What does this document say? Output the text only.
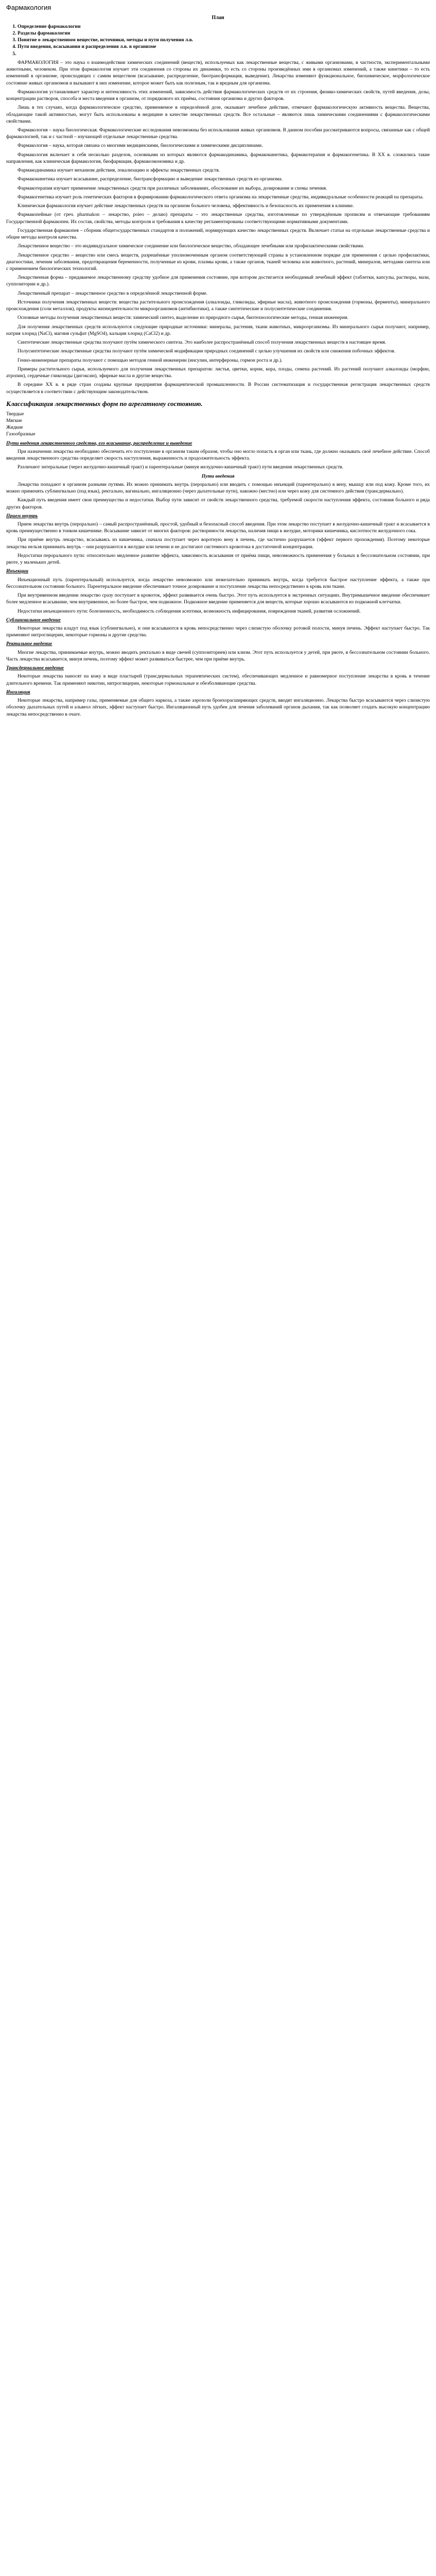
Фармакология
План
1. Определение фармакологии
2. Разделы фармакологии
3. Понятие о лекарственном веществе, источники, методы и пути получения л.в.
4. Пути введения, всасывания и распределения л.в. в организме
5.

ФАРМАКОЛОГИЯ – это наука о взаимодействии химических соединений (веществ), используемых как лекарственные вещества, с живыми организмами, в частности, экспериментальными животными, человеком. При этом фармакология изучает эти соединения со стороны их динамики, то есть со стороны произведённых ими в организмах изменений, а также кинетики – то есть изменений в организме, происходящих с самим веществом (всасывание, распределение, биотрансформация, выведение). Лекарства изменяют функциональное, биохимическое, морфологическое состояние живых организмов и вызывают в них изменение, которое может быть как полезным, так и вредным для организма.

Фармакология устанавливает характер и интенсивность этих изменений, зависимость действия фармакологических средств от их строения, физико-химических свойств, путей введения, дозы, концентрации растворов, способа и места введения в организм, от порядкового их приёма, состояния организма и других факторов.

Лишь в тех случаях, когда фармакологическое средство, применяемое в определённой дозе, оказывает лечебное действие, отмечают фармакологическую активность вещества. Вещества, обладающие такой активностью, могут быть использованы в медицине в качестве лекарственных средств. Все остальные – являются лишь химическими соединениями с фармакологическими свойствами.

Фармакология – наука биологическая. Фармакологические исследования невозможны без использования живых организмов. В данном пособии рассматриваются вопросы, связанные как с общей фармакологией, так и с частной – изучающей отдельные лекарственные средства.

Фармакология – наука, которая связана со многими медицинскими, биологическими и химическими дисциплинами.

Фармакология включает в себя несколько разделов, основными из которых являются фармакодинамика, фармакокинетика, фармакотерапия и фармакогенетика. В XX в. сложились такие направления, как клиническая фармакология, биофармация, фармакоэкономика и др.

Фармакодинамика изучает механизм действия, локализацию и эффекты лекарственных средств.

Фармакокинетика изучает всасывание, распределение, биотрансформацию и выведение лекарственных средств из организма.

Фармакотерапия изучает применение лекарственных средств при различных заболеваниях, обоснование их выбора, дозирование и схемы лечения.

Фармакогенетика изучает роль генетических факторов в формировании фармакологического ответа организма на лекарственные средства, индивидуальные особенности реакций на препараты.

Клиническая фармакология изучает действие лекарственных средств на организм больного человека, эффективность и безопасность их применения в клинике.

Фармакопейные (от греч. pharmakon – лекарство, poieo – делаю) препараты – это лекарственные средства, изготовленные по утверждённым прописям и отвечающие требованиям Государственной фармакопеи. Их состав, свойства, методы контроля и требования к качеству регламентированы соответствующими нормативными документами.

Государственная фармакопея – сборник общегосударственных стандартов и положений, нормирующих качество лекарственных средств. Включает статьи на отдельные лекарственные средства и общие методы контроля качества.

Лекарственное вещество – это индивидуальное химическое соединение или биологическое вещество, обладающее лечебными или профилактическими свойствами.

Лекарственное средство – вещество или смесь веществ, разрешённые уполномоченным органом соответствующей страны в установленном порядке для применения с целью профилактики, диагностики, лечения заболевания, предотвращения беременности, полученные из крови, плазмы крови, а также органов, тканей человека или животного, растений, минералов, методами синтеза или с применением биологических технологий.

Лекарственная форма – придаваемое лекарственному средству удобное для применения состояние, при котором достигается необходимый лечебный эффект (таблетки, капсулы, растворы, мази, суппозитории и др.).

Лекарственный препарат – лекарственное средство в определённой лекарственной форме.

Источники получения лекарственных веществ: вещества растительного происхождения (алкалоиды, гликозиды, эфирные масла), животного происхождения (гормоны, ферменты), минерального происхождения (соли металлов), продукты жизнедеятельности микроорганизмов (антибиотики), а также синтетические и полусинтетические соединения.

Основные методы получения лекарственных веществ: химический синтез, выделение из природного сырья, биотехнологические методы, генная инженерия.

Для получения лекарственных средств используются следующие природные источники: минералы, растения, ткани животных, микроорганизмы. Из минерального сырья получают, например, натрия хлорид (NaCl), магния сульфат (MgSO4), кальция хлорид (CaCl2) и др.

Синтетические лекарственные средства получают путём химического синтеза. Это наиболее распространённый способ получения лекарственных веществ в настоящее время.

Полусинтетические лекарственные средства получают путём химической модификации природных соединений с целью улучшения их свойств или снижения побочных эффектов.

Генно-инженерные препараты получают с помощью методов генной инженерии (инсулин, интерфероны, гормон роста и др.).

Примеры растительного сырья, используемого для получения лекарственных препаратов: листья, цветки, корни, кора, плоды, семена растений. Из растений получают алкалоиды (морфин, атропин), сердечные гликозиды (дигоксин), эфирные масла и другие вещества.

В середине XX в. в ряде стран созданы крупные предприятия фармацевтической промышленности. В России систематизация и государственная регистрация лекарственных средств осуществляется в соответствии с действующим законодательством.

Классификация лекарственных форм по агрегатному состоянию.
Твердые
Мягкие
Жидкие
Газообразные
Пути введения лекарственного средства, его всасывание, распределение и выведение

При назначении лекарства необходимо обеспечить его поступление в организм таким образом, чтобы оно могло попасть в орган или ткань, где должно оказывать своё лечебное действие. Способ введения лекарственного средства определяет скорость наступления, выраженность и продолжительность эффекта.

Различают энтеральные (через желудочно-кишечный тракт) и парентеральные (минуя желудочно-кишечный тракт) пути введения лекарственных средств.

Пути введения

Лекарства попадают в организм разными путями. Их можно принимать внутрь (перорально) или вводить с помощью инъекций (парентерально) в вену, мышцу или под кожу. Кроме того, их можно применять сублингвально (под язык), ректально, вагинально, ингаляционно (через дыхательные пути), накожно (местно) или через кожу для системного действия (трансдермально).

Каждый путь введения имеет свои преимущества и недостатки. Выбор пути зависит от свойств лекарственного средства, требуемой скорости наступления эффекта, состояния больного и ряда других факторов.

Прием внутрь

Прием лекарства внутрь (перорально) – самый распространённый, простой, удобный и безопасный способ введения. При этом лекарство поступает в желудочно-кишечный тракт и всасывается в кровь преимущественно в тонком кишечнике. Всасывание зависит от многих факторов: растворимости лекарства, наличия пищи в желудке, моторики кишечника, кислотности желудочного сока.

При приёме внутрь лекарство, всасываясь из кишечника, сначала поступает через воротную вену в печень, где частично разрушается (эффект первого прохождения). Поэтому некоторые лекарства нельзя принимать внутрь – они разрушаются в желудке или печени и не достигают системного кровотока в достаточной концентрации.

Недостатки перорального пути: относительно медленное развитие эффекта, зависимость всасывания от приёма пищи, невозможность применения у больных в бессознательном состоянии, при рвоте, у маленьких детей.

Инъекции

Инъекционный путь (парентеральный) используется, когда лекарство невозможно или нежелательно принимать внутрь, когда требуется быстрое наступление эффекта, а также при бессознательном состоянии больного. Парентеральное введение обеспечивает точное дозирование и поступление лекарства непосредственно в кровь или ткани.

При внутривенном введении лекарство сразу поступает в кровоток, эффект развивается очень быстро. Этот путь используется в экстренных ситуациях. Внутримышечное введение обеспечивает более медленное всасывание, чем внутривенное, но более быстрое, чем подкожное. Подкожное введение применяется для веществ, которые хорошо всасываются из подкожной клетчатки.

Недостатки инъекционного пути: болезненность, необходимость соблюдения асептики, возможность инфицирования, повреждения тканей, развития осложнений.

Сублингвальное введение

Некоторые лекарства кладут под язык (сублингвально), и они всасываются в кровь непосредственно через слизистую оболочку ротовой полости, минуя печень. Эффект наступает быстро. Так применяют нитроглицерин, некоторые гормоны и другие средства.

Ректальное введение

Многие лекарства, принимаемые внутрь, можно вводить ректально в виде свечей (суппозиториев) или клизм. Этот путь используется у детей, при рвоте, в бессознательном состоянии больного. Часть лекарства всасывается, минуя печень, поэтому эффект может развиваться быстрее, чем при приёме внутрь.

Трансдермальное введение

Некоторые лекарства наносят на кожу в виде пластырей (трансдермальных терапевтических систем), обеспечивающих медленное и равномерное поступление лекарства в кровь в течение длительного времени. Так применяют никотин, нитроглицерин, некоторые гормональные и обезболивающие средства.

Ингаляция

Некоторые лекарства, например газы, применяемые для общего наркоза, а также аэрозоли бронхорасширяющих средств, вводят ингаляционно. Лекарства быстро всасываются через слизистую оболочку дыхательных путей и альвеол лёгких, эффект наступает быстро. Ингаляционный путь удобен для лечения заболеваний органов дыхания, так как позволяет создать высокую концентрацию лекарства непосредственно в очаге.
